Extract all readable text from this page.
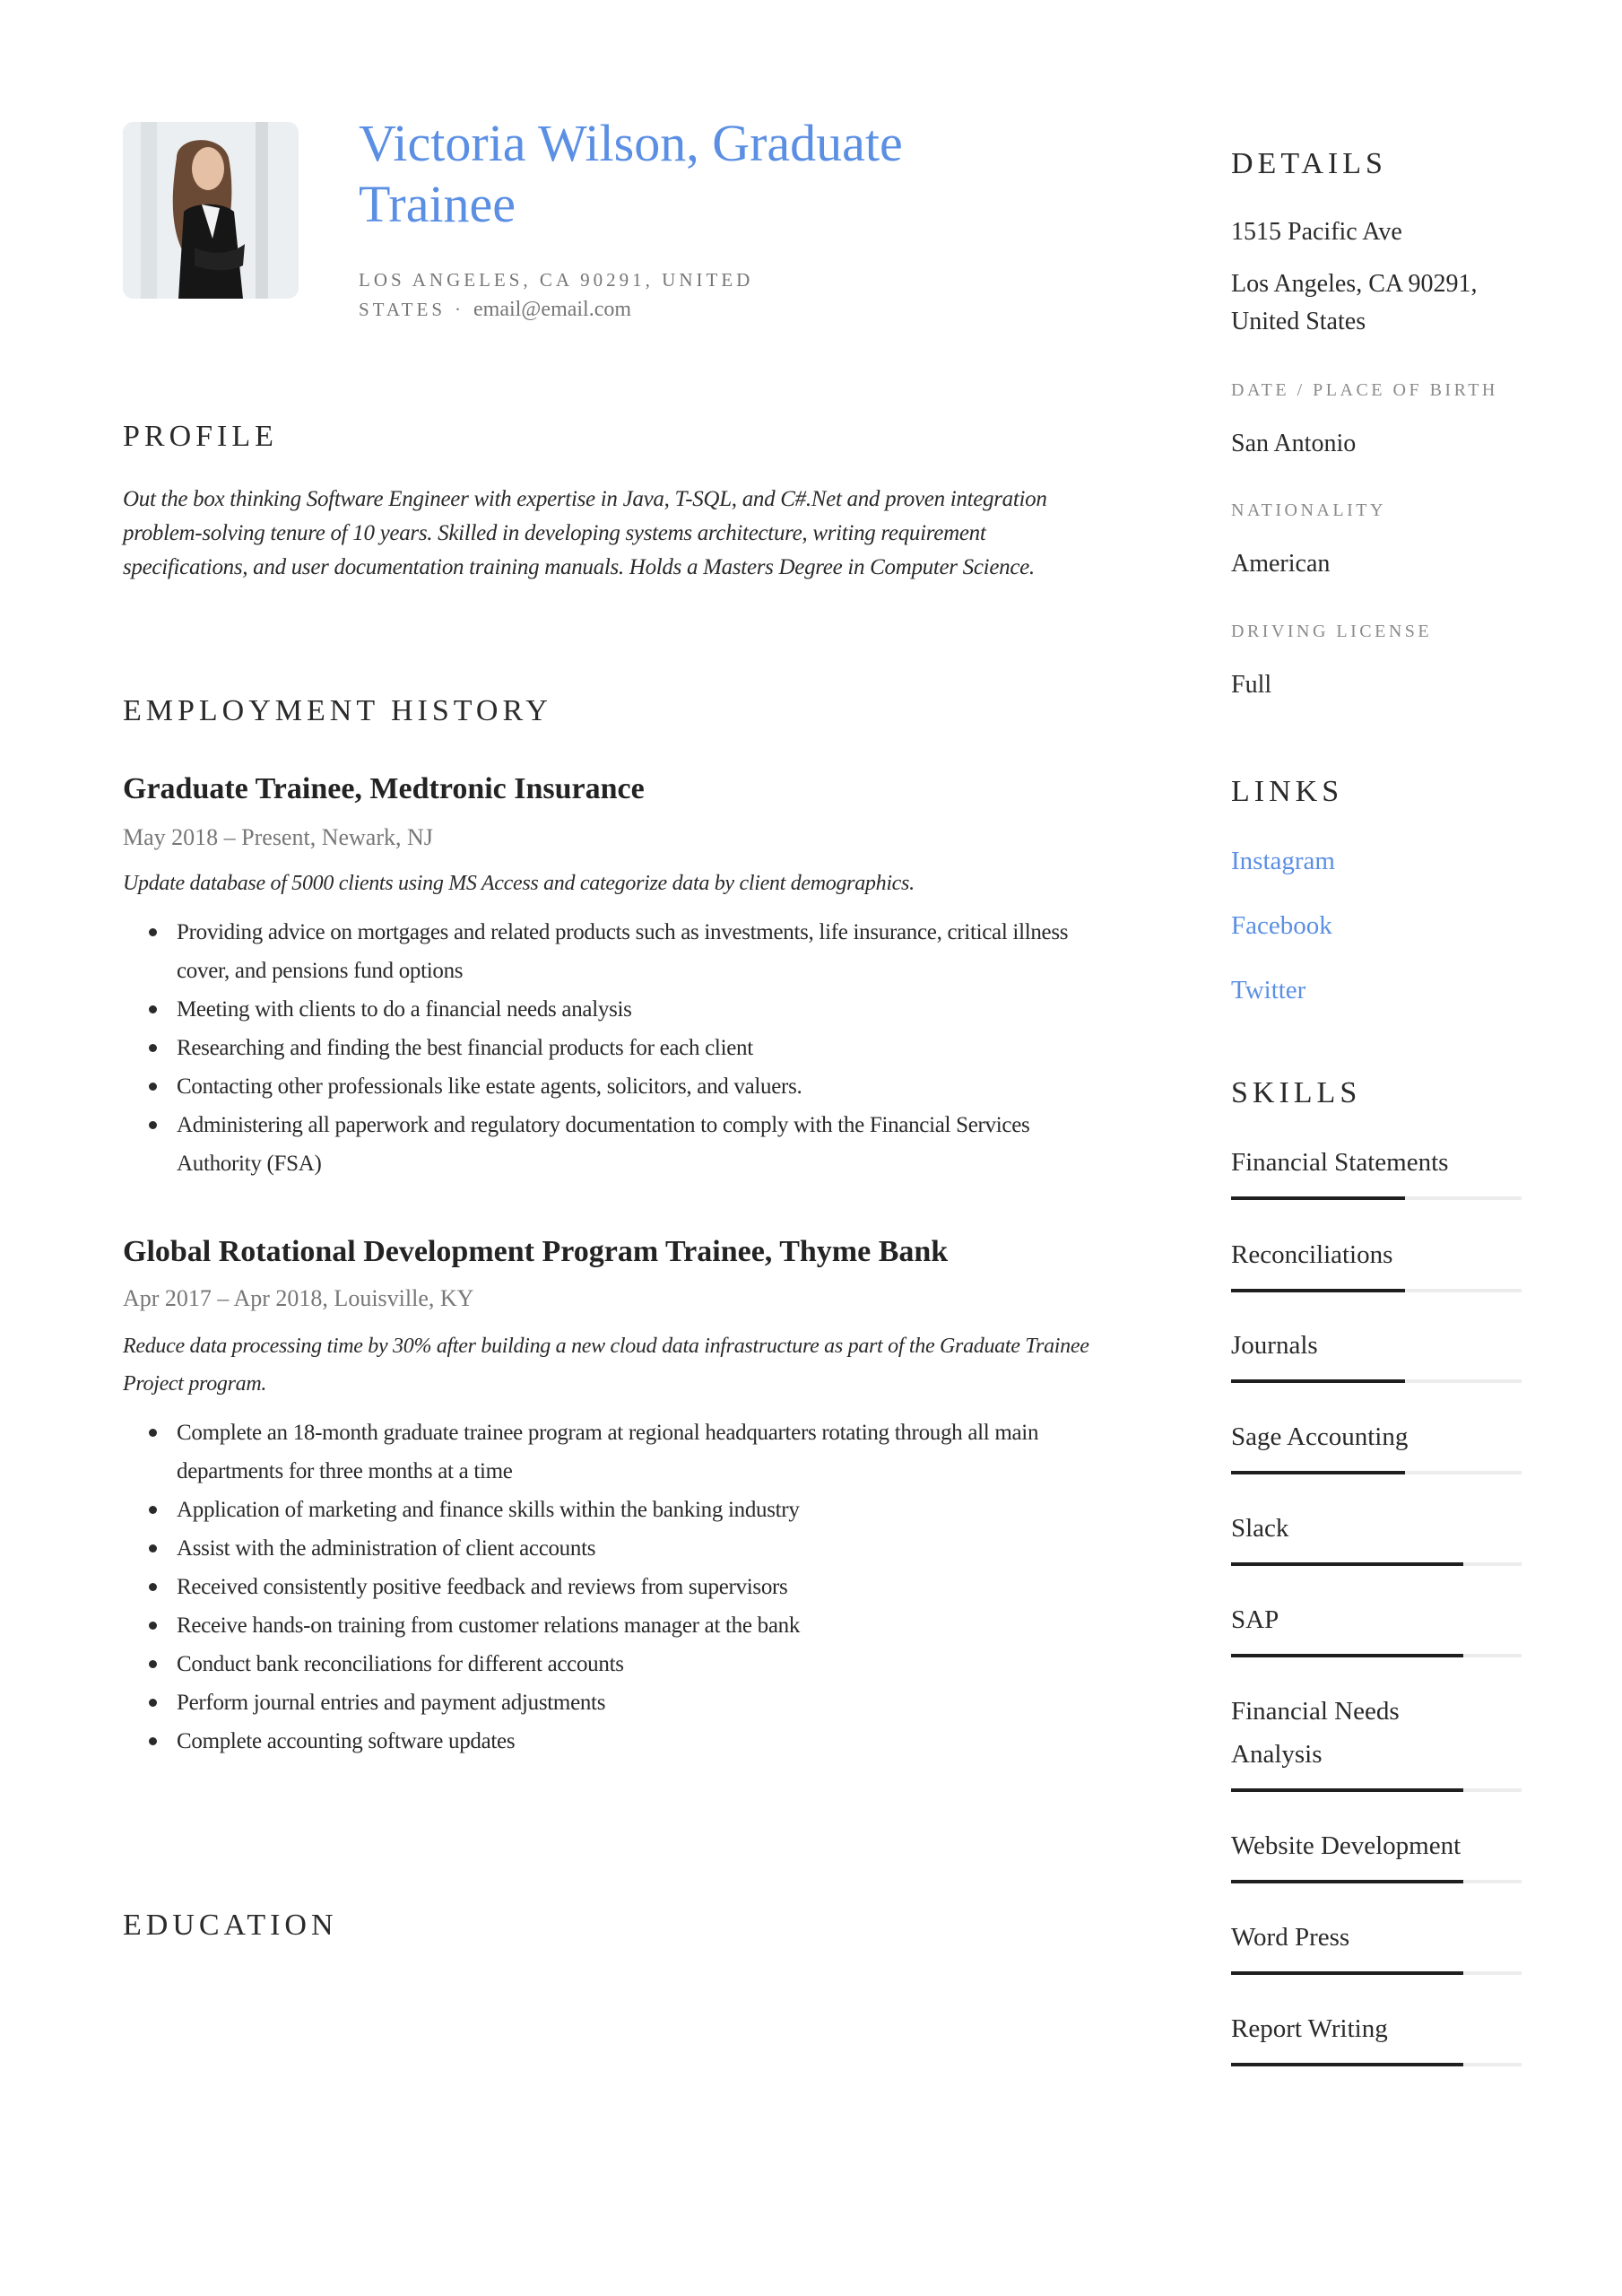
Victoria Wilson, Graduate Trainee
LOS ANGELES, CA 90291, UNITED STATES · email@email.com
PROFILE

Out the box thinking Software Engineer with expertise in Java, T-SQL, and C#.Net and proven integration problem-solving tenure of 10 years. Skilled in developing systems architecture, writing requirement specifications, and user documentation training manuals. Holds a Masters Degree in Computer Science.

EMPLOYMENT HISTORY
Graduate Trainee, Medtronic Insurance

May 2018 – Present, Newark, NJ

Update database of 5000 clients using MS Access and categorize data by client demographics.

Providing advice on mortgages and related products such as investments, life insurance, critical illness cover, and pensions fund options
Meeting with clients to do a financial needs analysis
Researching and finding the best financial products for each client
Contacting other professionals like estate agents, solicitors, and valuers.
Administering all paperwork and regulatory documentation to comply with the Financial Services Authority (FSA)
Global Rotational Development Program Trainee, Thyme Bank

Apr 2017 – Apr 2018, Louisville, KY

Reduce data processing time by 30% after building a new cloud data infrastructure as part of the Graduate Trainee Project program.

Complete an 18-month graduate trainee program at regional headquarters rotating through all main departments for three months at a time
Application of marketing and finance skills within the banking industry
Assist with the administration of client accounts
Received consistently positive feedback and reviews from supervisors
Receive hands-on training from customer relations manager at the bank
Conduct bank reconciliations for different accounts
Perform journal entries and payment adjustments
Complete accounting software updates
EDUCATION
DETAILS

1515 Pacific Ave

Los Angeles, CA 90291, United States

DATE / PLACE OF BIRTH

San Antonio

NATIONALITY

American

DRIVING LICENSE

Full

LINKS
Instagram
Facebook
Twitter
SKILLS

Financial Statements

Reconciliations

Journals

Sage Accounting

Slack

SAP

Financial Needs Analysis

Website Development

Word Press

Report Writing
